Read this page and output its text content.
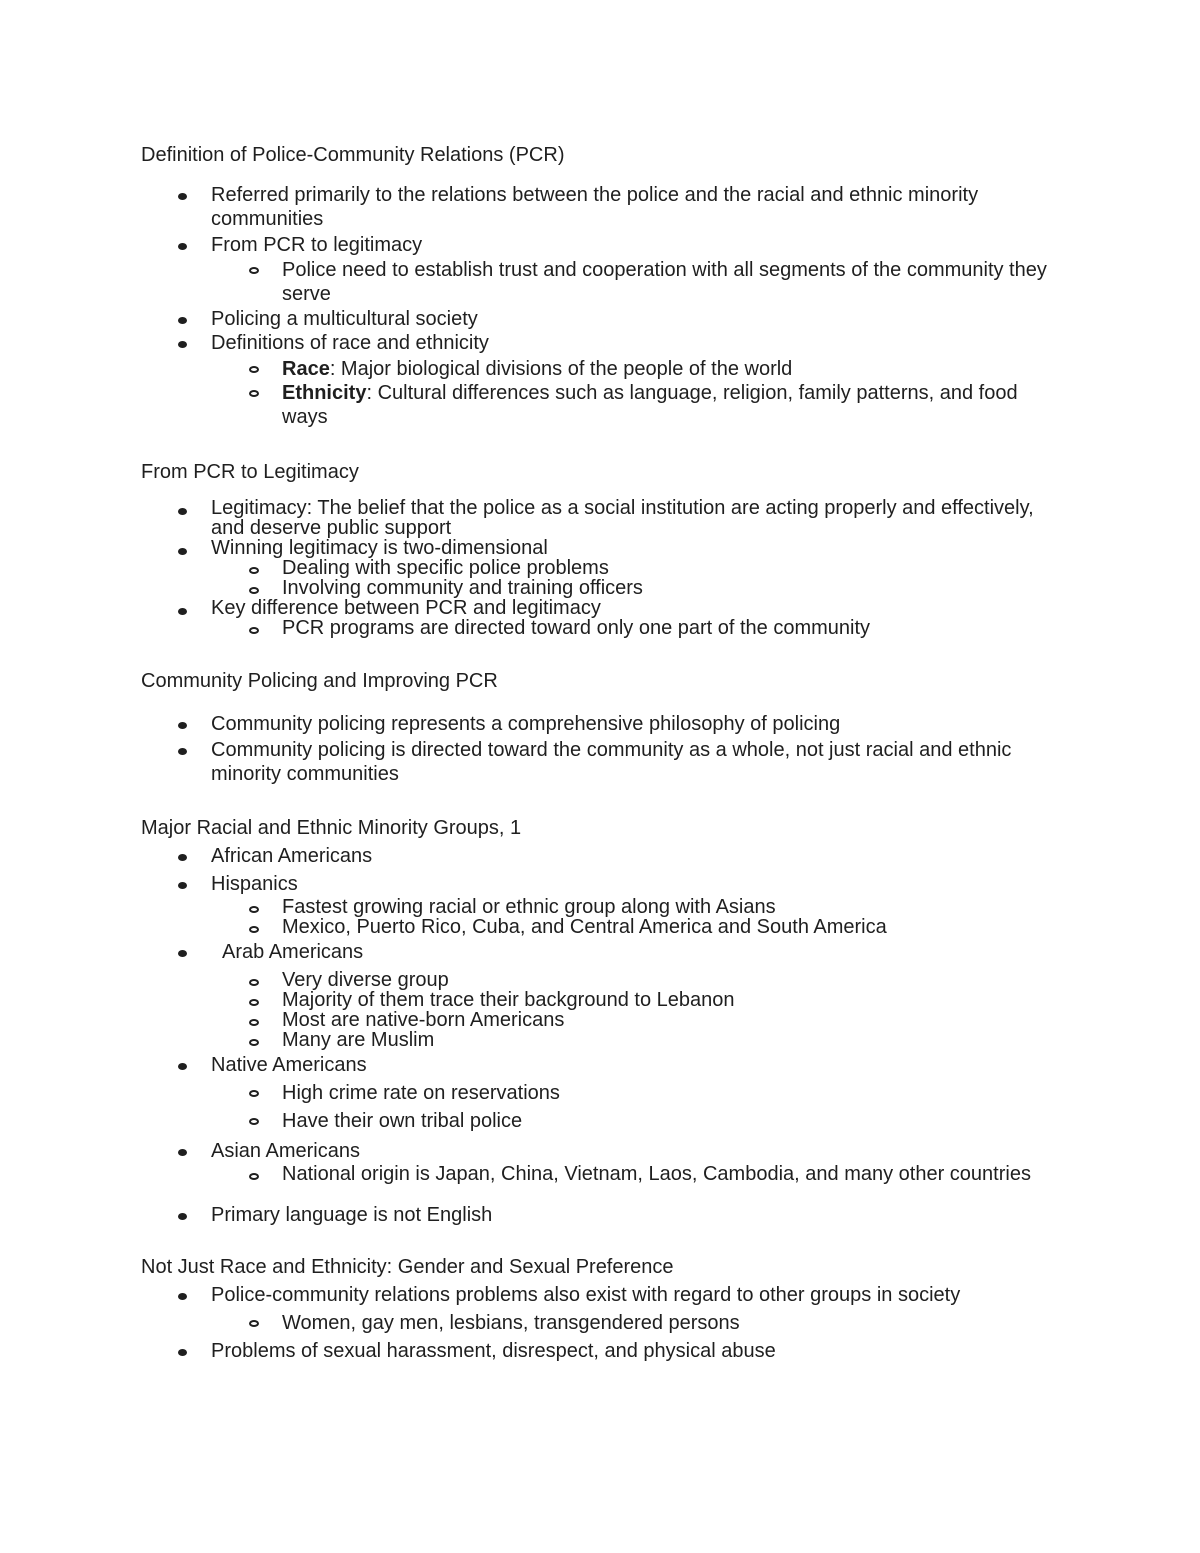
Definition of Police-Community Relations (PCR)
Referred primarily to the relations between the police and the racial and ethnic minority communities
From PCR to legitimacy
Police need to establish trust and cooperation with all segments of the community they serve
Policing a multicultural society
Definitions of race and ethnicity
Race: Major biological divisions of the people of the world
Ethnicity: Cultural differences such as language, religion, family patterns, and food ways
From PCR to Legitimacy
Legitimacy: The belief that the police as a social institution are acting properly and effectively, and deserve public support
Winning legitimacy is two-dimensional
Dealing with specific police problems
Involving community and training officers
Key difference between PCR and legitimacy
PCR programs are directed toward only one part of the community
Community Policing and Improving PCR
Community policing represents a comprehensive philosophy of policing
Community policing is directed toward the community as a whole, not just racial and ethnic minority communities
Major Racial and Ethnic Minority Groups, 1
African Americans
Hispanics
Fastest growing racial or ethnic group along with Asians
Mexico, Puerto Rico, Cuba, and Central America and South America
Arab Americans
Very diverse group
Majority of them trace their background to Lebanon
Most are native-born Americans
Many are Muslim
Native Americans
High crime rate on reservations
Have their own tribal police
Asian Americans
National origin is Japan, China, Vietnam, Laos, Cambodia, and many other countries
Primary language is not English
Not Just Race and Ethnicity: Gender and Sexual Preference
Police-community relations problems also exist with regard to other groups in society
Women, gay men, lesbians, transgendered persons
Problems of sexual harassment, disrespect, and physical abuse
